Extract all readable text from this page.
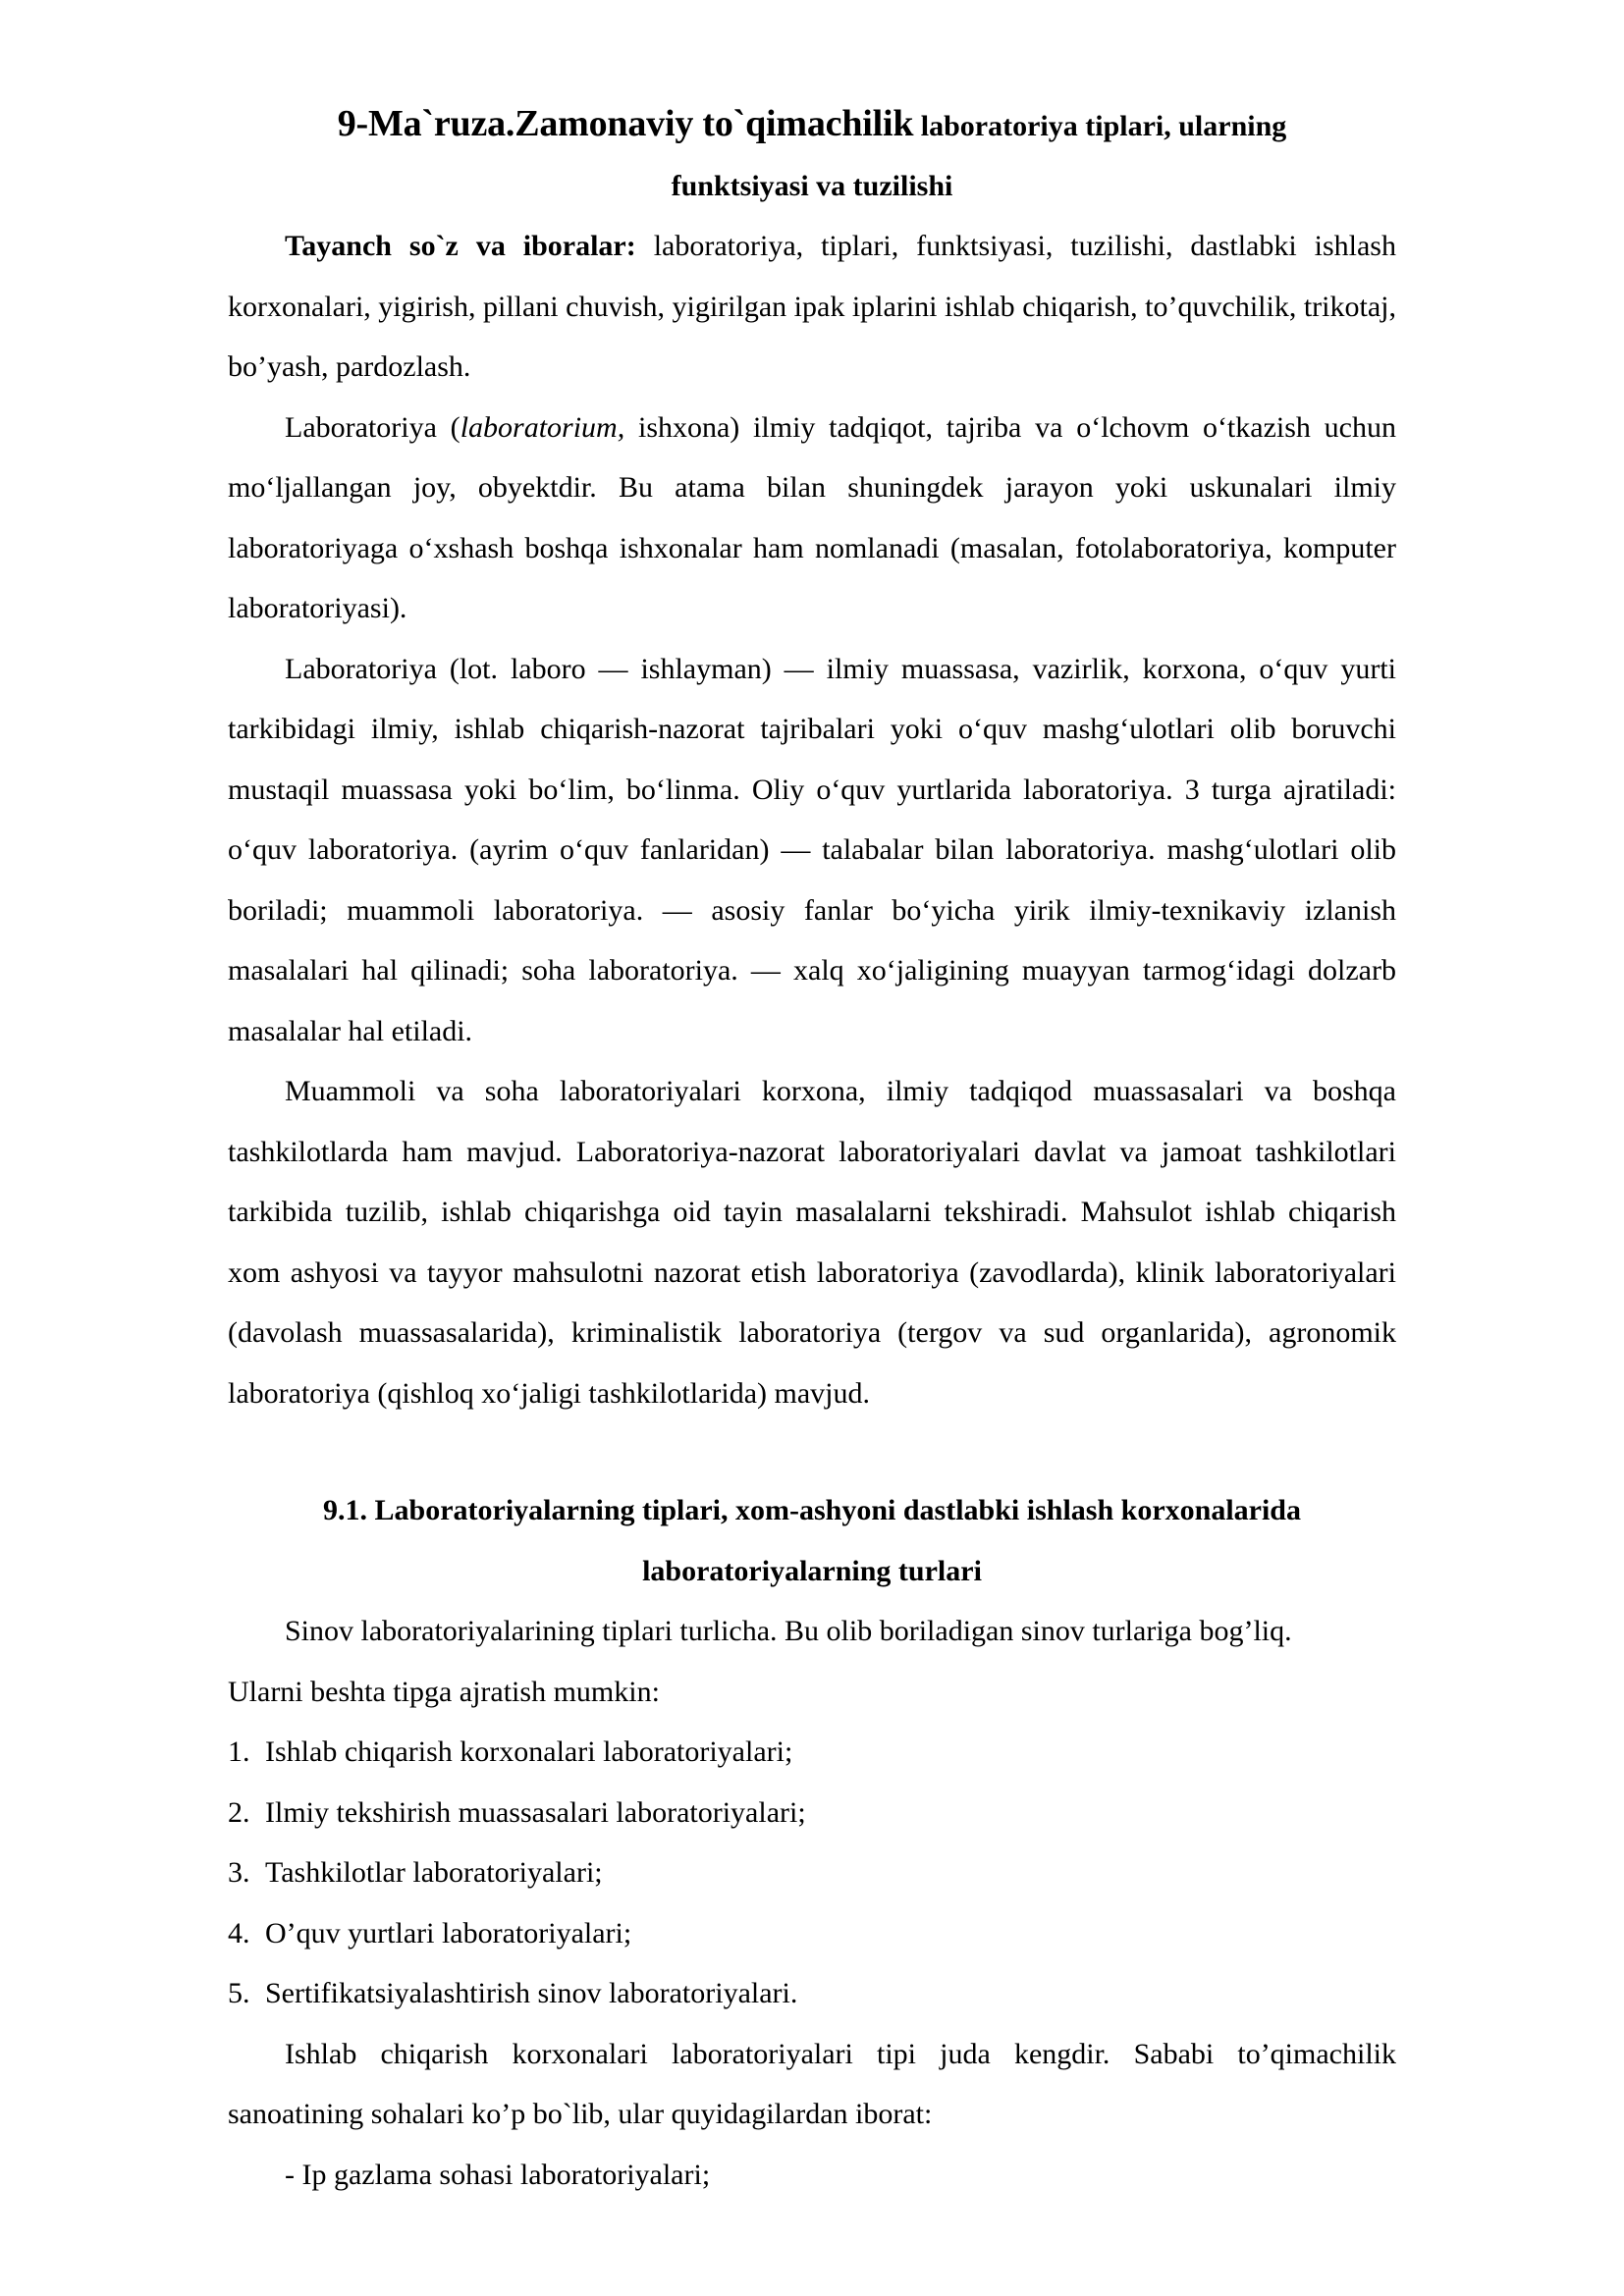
9-Ma`ruza.Zamonaviy to`qimachilik laboratoriya tiplari, ularning
funktsiyasi va tuzilishi

Tayanch so`z va iboralar: laboratoriya, tiplari, funktsiyasi, tuzilishi, dastlabki ishlash korxonalari, yigirish, pillani chuvish, yigirilgan ipak iplarini ishlab chiqarish, to’quvchilik, trikotaj, bo’yash, pardozlash.

Laboratoriya (laboratorium, ishxona) ilmiy tadqiqot, tajriba va o‘lchovm o‘tkazish uchun mo‘ljallangan joy, obyektdir. Bu atama bilan shuningdek jarayon yoki uskunalari ilmiy laboratoriyaga o‘xshash boshqa ishxonalar ham nomlanadi (masalan, fotolaboratoriya, komputer laboratoriyasi).

Laboratoriya (lot. laboro — ishlayman) — ilmiy muassasa, vazirlik, korxona, o‘quv yurti tarkibidagi ilmiy, ishlab chiqarish-nazorat tajribalari yoki o‘quv mashg‘ulotlari olib boruvchi mustaqil muassasa yoki bo‘lim, bo‘linma. Oliy o‘quv yurtlarida laboratoriya. 3 turga ajratiladi: o‘quv laboratoriya. (ayrim o‘quv fanlaridan) — talabalar bilan laboratoriya. mashg‘ulotlari olib boriladi; muammoli laboratoriya. — asosiy fanlar bo‘yicha yirik ilmiy-texnikaviy izlanish masalalari hal qilinadi; soha laboratoriya. — xalq xo‘jaligining muayyan tarmog‘idagi dolzarb masalalar hal etiladi.

Muammoli va soha laboratoriyalari korxona, ilmiy tadqiqod muassasalari va boshqa tashkilotlarda ham mavjud. Laboratoriya-nazorat laboratoriyalari davlat va jamoat tashkilotlari tarkibida tuzilib, ishlab chiqarishga oid tayin masalalarni tekshiradi. Mahsulot ishlab chiqarish xom ashyosi va tayyor mahsulotni nazorat etish laboratoriya (zavodlarda), klinik laboratoriyalari (davolash muassasalarida), kriminalistik laboratoriya (tergov va sud organlarida), agronomik laboratoriya (qishloq xo‘jaligi tashkilotlarida) mavjud.

9.1. Laboratoriyalarning tiplari, xom-ashyoni dastlabki ishlash korxonalarida
laboratoriyalarning turlari

Sinov laboratoriyalarining tiplari turlicha. Bu olib boriladigan sinov turlariga bog’liq.

Ularni beshta tipga ajratish mumkin:

1. Ishlab chiqarish korxonalari laboratoriyalari;
2. Ilmiy tekshirish muassasalari laboratoriyalari;
3. Tashkilotlar laboratoriyalari;
4. O’quv yurtlari laboratoriyalari;
5. Sertifikatsiyalashtirish sinov laboratoriyalari.

Ishlab chiqarish korxonalari laboratoriyalari tipi juda kengdir. Sababi to’qimachilik sanoatining sohalari ko’p bo`lib, ular quyidagilardan iborat:

- Ip gazlama sohasi laboratoriyalari;
